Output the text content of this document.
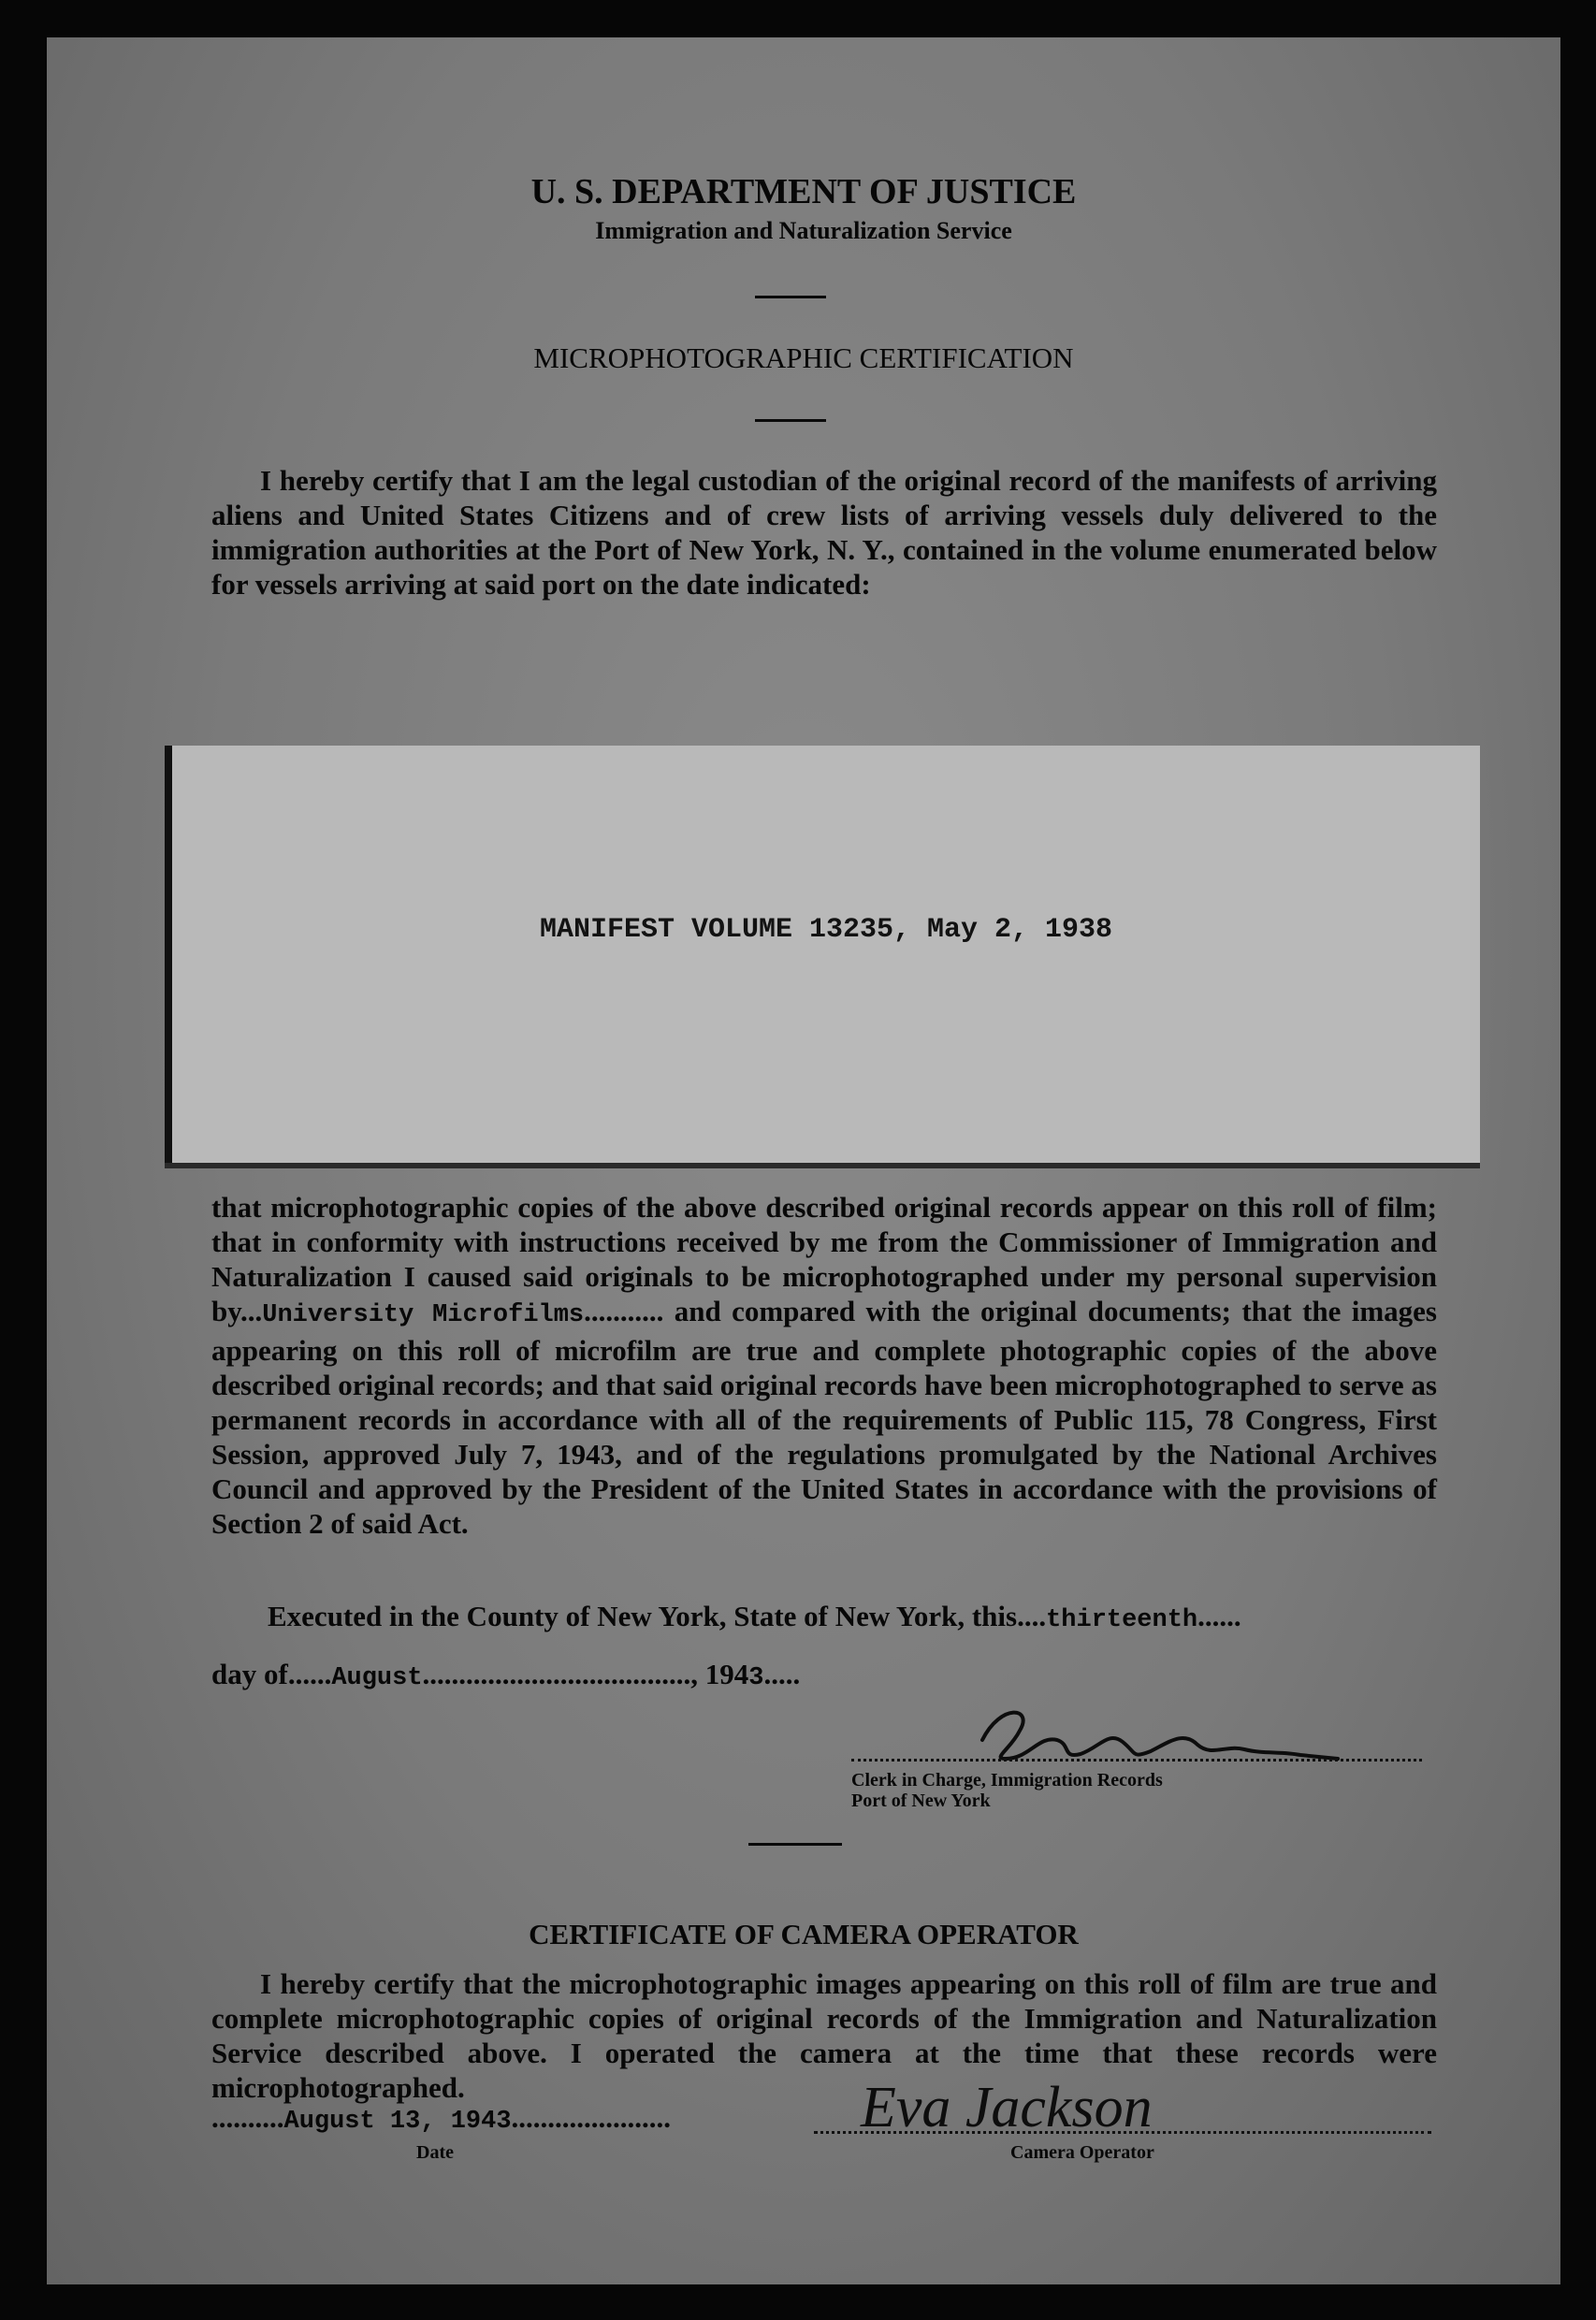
U. S. DEPARTMENT OF JUSTICE
Immigration and Naturalization Service
MICROPHOTOGRAPHIC CERTIFICATION

I hereby certify that I am the legal custodian of the original record of the manifests of arriving aliens and United States Citizens and of crew lists of arriving vessels duly delivered to the immigration authorities at the Port of New York, N. Y., contained in the volume enumerated below for vessels arriving at said port on the date indicated:

MANIFEST VOLUME 13235, May 2, 1938

that microphotographic copies of the above described original records appear on this roll of film; that in conformity with instructions received by me from the Commissioner of Immigration and Naturalization I caused said originals to be microphotographed under my personal supervision by...University Microfilms........... and compared with the original documents; that the images appearing on this roll of microfilm are true and complete photographic copies of the above described original records; and that said original records have been microphotographed to serve as permanent records in accordance with all of the requirements of Public 115, 78 Congress, First Session, approved July 7, 1943, and of the regulations promulgated by the National Archives Council and approved by the President of the United States in accordance with the provisions of Section 2 of said Act.

Executed in the County of New York, State of New York, this....thirteenth......
day of......August....................................., 1943.....
Clerk in Charge, Immigration Records
Port of New York
CERTIFICATE OF CAMERA OPERATOR

I hereby certify that the microphotographic images appearing on this roll of film are true and complete microphotographic copies of original records of the Immigration and Naturalization Service described above. I operated the camera at the time that these records were microphotographed.

..........August 13, 1943......................
Date
Eva Jackson
Camera Operator
